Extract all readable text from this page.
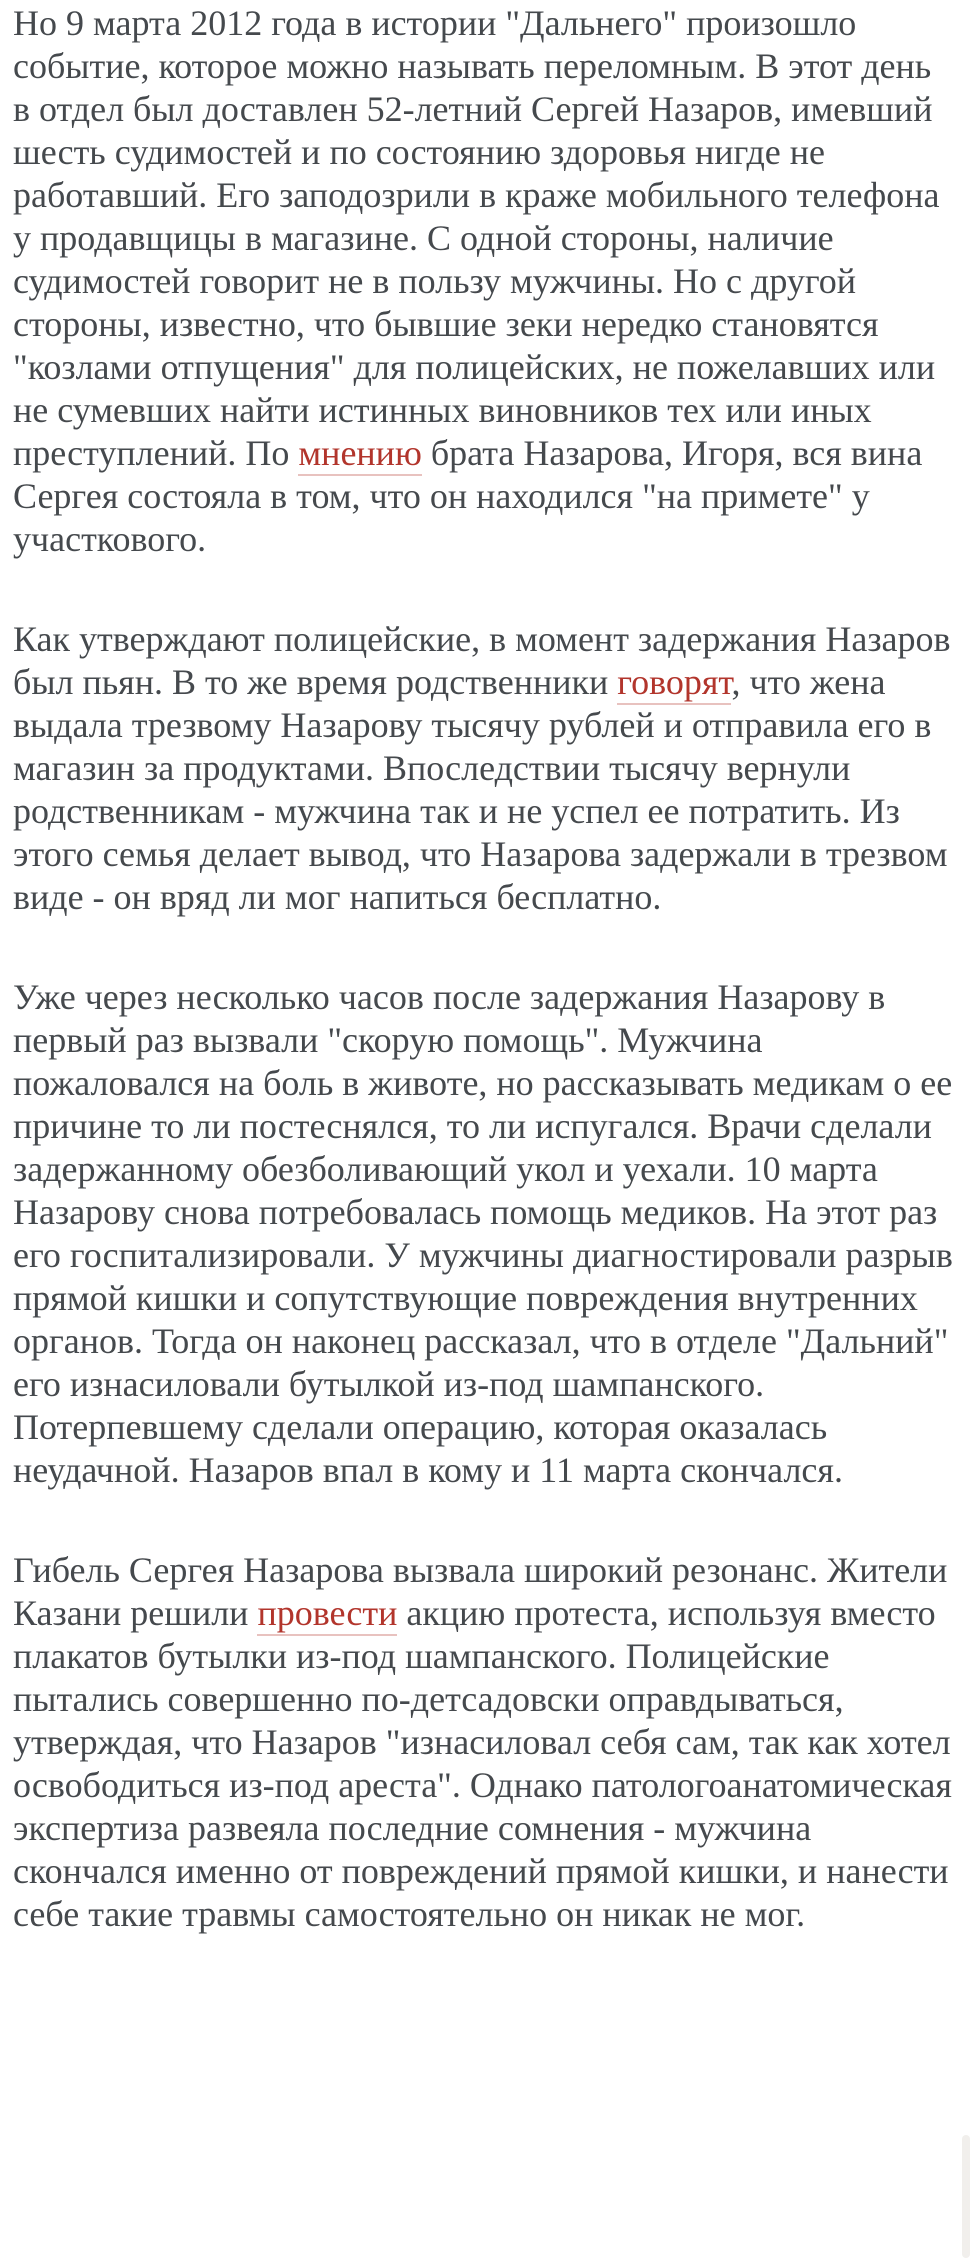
Но 9 марта 2012 года в истории "Дальнего" произошло событие, которое можно называть переломным. В этот день в отдел был доставлен 52-летний Сергей Назаров, имевший шесть судимостей и по состоянию здоровья нигде не работавший. Его заподозрили в краже мобильного телефона у продавщицы в магазине. С одной стороны, наличие судимостей говорит не в пользу мужчины. Но с другой стороны, известно, что бывшие зеки нередко становятся "козлами отпущения" для полицейских, не пожелавших или не сумевших найти истинных виновников тех или иных преступлений. По мнению брата Назарова, Игоря, вся вина Сергея состояла в том, что он находился "на примете" у участкового.

Как утверждают полицейские, в момент задержания Назаров был пьян. В то же время родственники говорят, что жена выдала трезвому Назарову тысячу рублей и отправила его в магазин за продуктами. Впоследствии тысячу вернули родственникам - мужчина так и не успел ее потратить. Из этого семья делает вывод, что Назарова задержали в трезвом виде - он вряд ли мог напиться бесплатно.

Уже через несколько часов после задержания Назарову в первый раз вызвали "скорую помощь". Мужчина пожаловался на боль в животе, но рассказывать медикам о ее причине то ли постеснялся, то ли испугался. Врачи сделали задержанному обезболивающий укол и уехали. 10 марта Назарову снова потребовалась помощь медиков. На этот раз его госпитализировали. У мужчины диагностировали разрыв прямой кишки и сопутствующие повреждения внутренних органов. Тогда он наконец рассказал, что в отделе "Дальний" его изнасиловали бутылкой из-под шампанского. Потерпевшему сделали операцию, которая оказалась неудачной. Назаров впал в кому и 11 марта скончался.

Гибель Сергея Назарова вызвала широкий резонанс. Жители Казани решили провести акцию протеста, используя вместо плакатов бутылки из-под шампанского. Полицейские пытались совершенно по-детсадовски оправдываться, утверждая, что Назаров "изнасиловал себя сам, так как хотел освободиться из-под ареста". Однако патологоанатомическая экспертиза развеяла последние сомнения - мужчина скончался именно от повреждений прямой кишки, и нанести себе такие травмы самостоятельно он никак не мог.
